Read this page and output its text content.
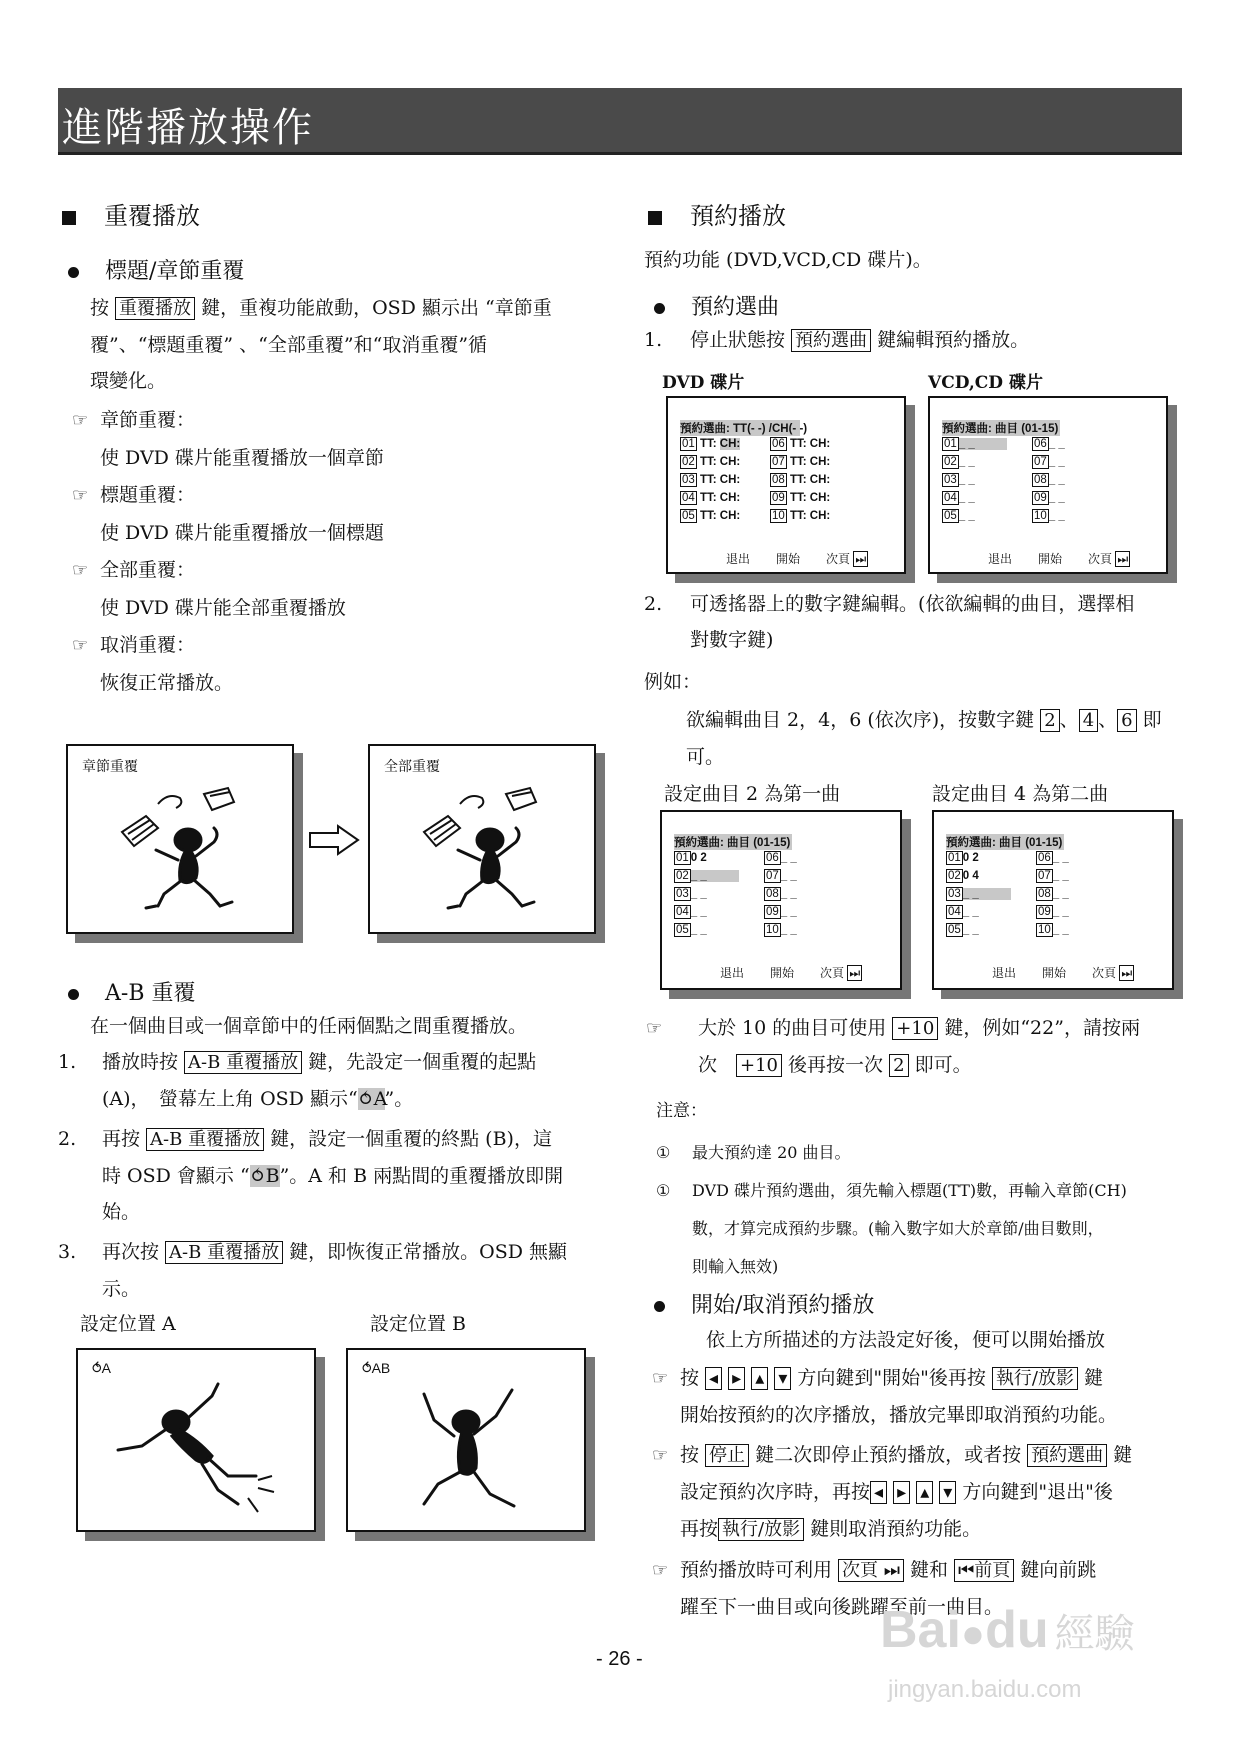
進階播放操作
重覆播放
標題/章節重覆
按 重覆播放 鍵，重複功能啟動，OSD 顯示出 “章節重
覆”、“標題重覆” 、“全部重覆”和“取消重覆”循
環變化。
☞ 章節重覆：
使 DVD 碟片能重覆播放一個章節
☞ 標題重覆：
使 DVD 碟片能重覆播放一個標題
☞ 全部重覆：
使 DVD 碟片能全部重覆播放
☞ 取消重覆：
恢復正常播放。
章節重覆	全部重覆
A-B 重覆
在一個曲目或一個章節中的任兩個點之間重覆播放。
1. 播放時按 A-B 重覆播放 鍵，先設定一個重覆的起點
(A)，　螢幕左上角 OSD 顯示“⥀A”。
2. 再按 A-B 重覆播放 鍵，設定一個重覆的終點 (B)，這
時 OSD 會顯示 “⥀B”。A 和 B 兩點間的重覆播放即開
始。
3. 再次按 A-B 重覆播放 鍵，即恢復正常播放。OSD 無顯
示。
設定位置 A	設定位置 B
⥀A	⥀AB
預約播放
預約功能 (DVD,VCD,CD 碟片)。
預約選曲
1. 停止狀態按 預約選曲 鍵編輯預約播放。
DVD 碟片	VCD,CD 碟片
預約選曲: TT(- -) /CH(- -)
01 TT: CH:
02 TT: CH:
03 TT: CH:
04 TT: CH:
05 TT: CH:
06 TT: CH:
07 TT: CH:
08 TT: CH:
09 TT: CH:
10 TT: CH:
退出 開始 次頁 ⏭
預約選曲: 曲目 (01-15)
01_ _
02_ _
03_ _
04_ _
05_ _
06_ _
07_ _
08_ _
09_ _
10_ _
退出 開始 次頁 ⏭
2. 可透搖器上的數字鍵編輯。(依欲編輯的曲目，選擇相
對數字鍵)
例如：
欲編輯曲目 2，4，6 (依次序)，按數字鍵 2 、 4 、 6 即
可。
設定曲目 2 為第一曲	設定曲目 4 為第二曲
預約選曲: 曲目 (01-15)
010 2
02_ _
03_ _
04_ _
05_ _
06_ _
07_ _
08_ _
09_ _
10_ _
退出 開始 次頁 ⏭
預約選曲: 曲目 (01-15)
010 2
020 4
03_ _
04_ _
05_ _
06_ _
07_ _
08_ _
09_ _
10_ _
退出 開始 次頁 ⏭
☞ 大於 10 的曲目可使用 +10 鍵，例如“22”，請按兩
次　+10 後再按一次 2 即可。
注意：
① 最大預約達 20 曲目。
① DVD 碟片預約選曲，須先輸入標題(TT)數，再輸入章節(CH)
數，才算完成預約步驟。(輸入數字如大於章節/曲目數則，
則輸入無效)
開始/取消預約播放
依上方所描述的方法設定好後，便可以開始播放
☞ 按 ◂ ▸ ▴ ▾ 方向鍵到"開始"後再按 執行/放影 鍵
開始按預約的次序播放，播放完畢即取消預約功能。
☞ 按 停止 鍵二次即停止預約播放，或者按 預約選曲 鍵
設定預約次序時，再按 ◂ ▸ ▴ ▾ 方向鍵到"退出"後
再按 執行/放影 鍵則取消預約功能。
☞ 預約播放時可利用 次頁 ⏭ 鍵和 ⏮前頁 鍵向前跳
躍至下一曲目或向後跳躍至前一曲目。
- 26 -	Bai●du 經驗
jingyan.baidu.com
